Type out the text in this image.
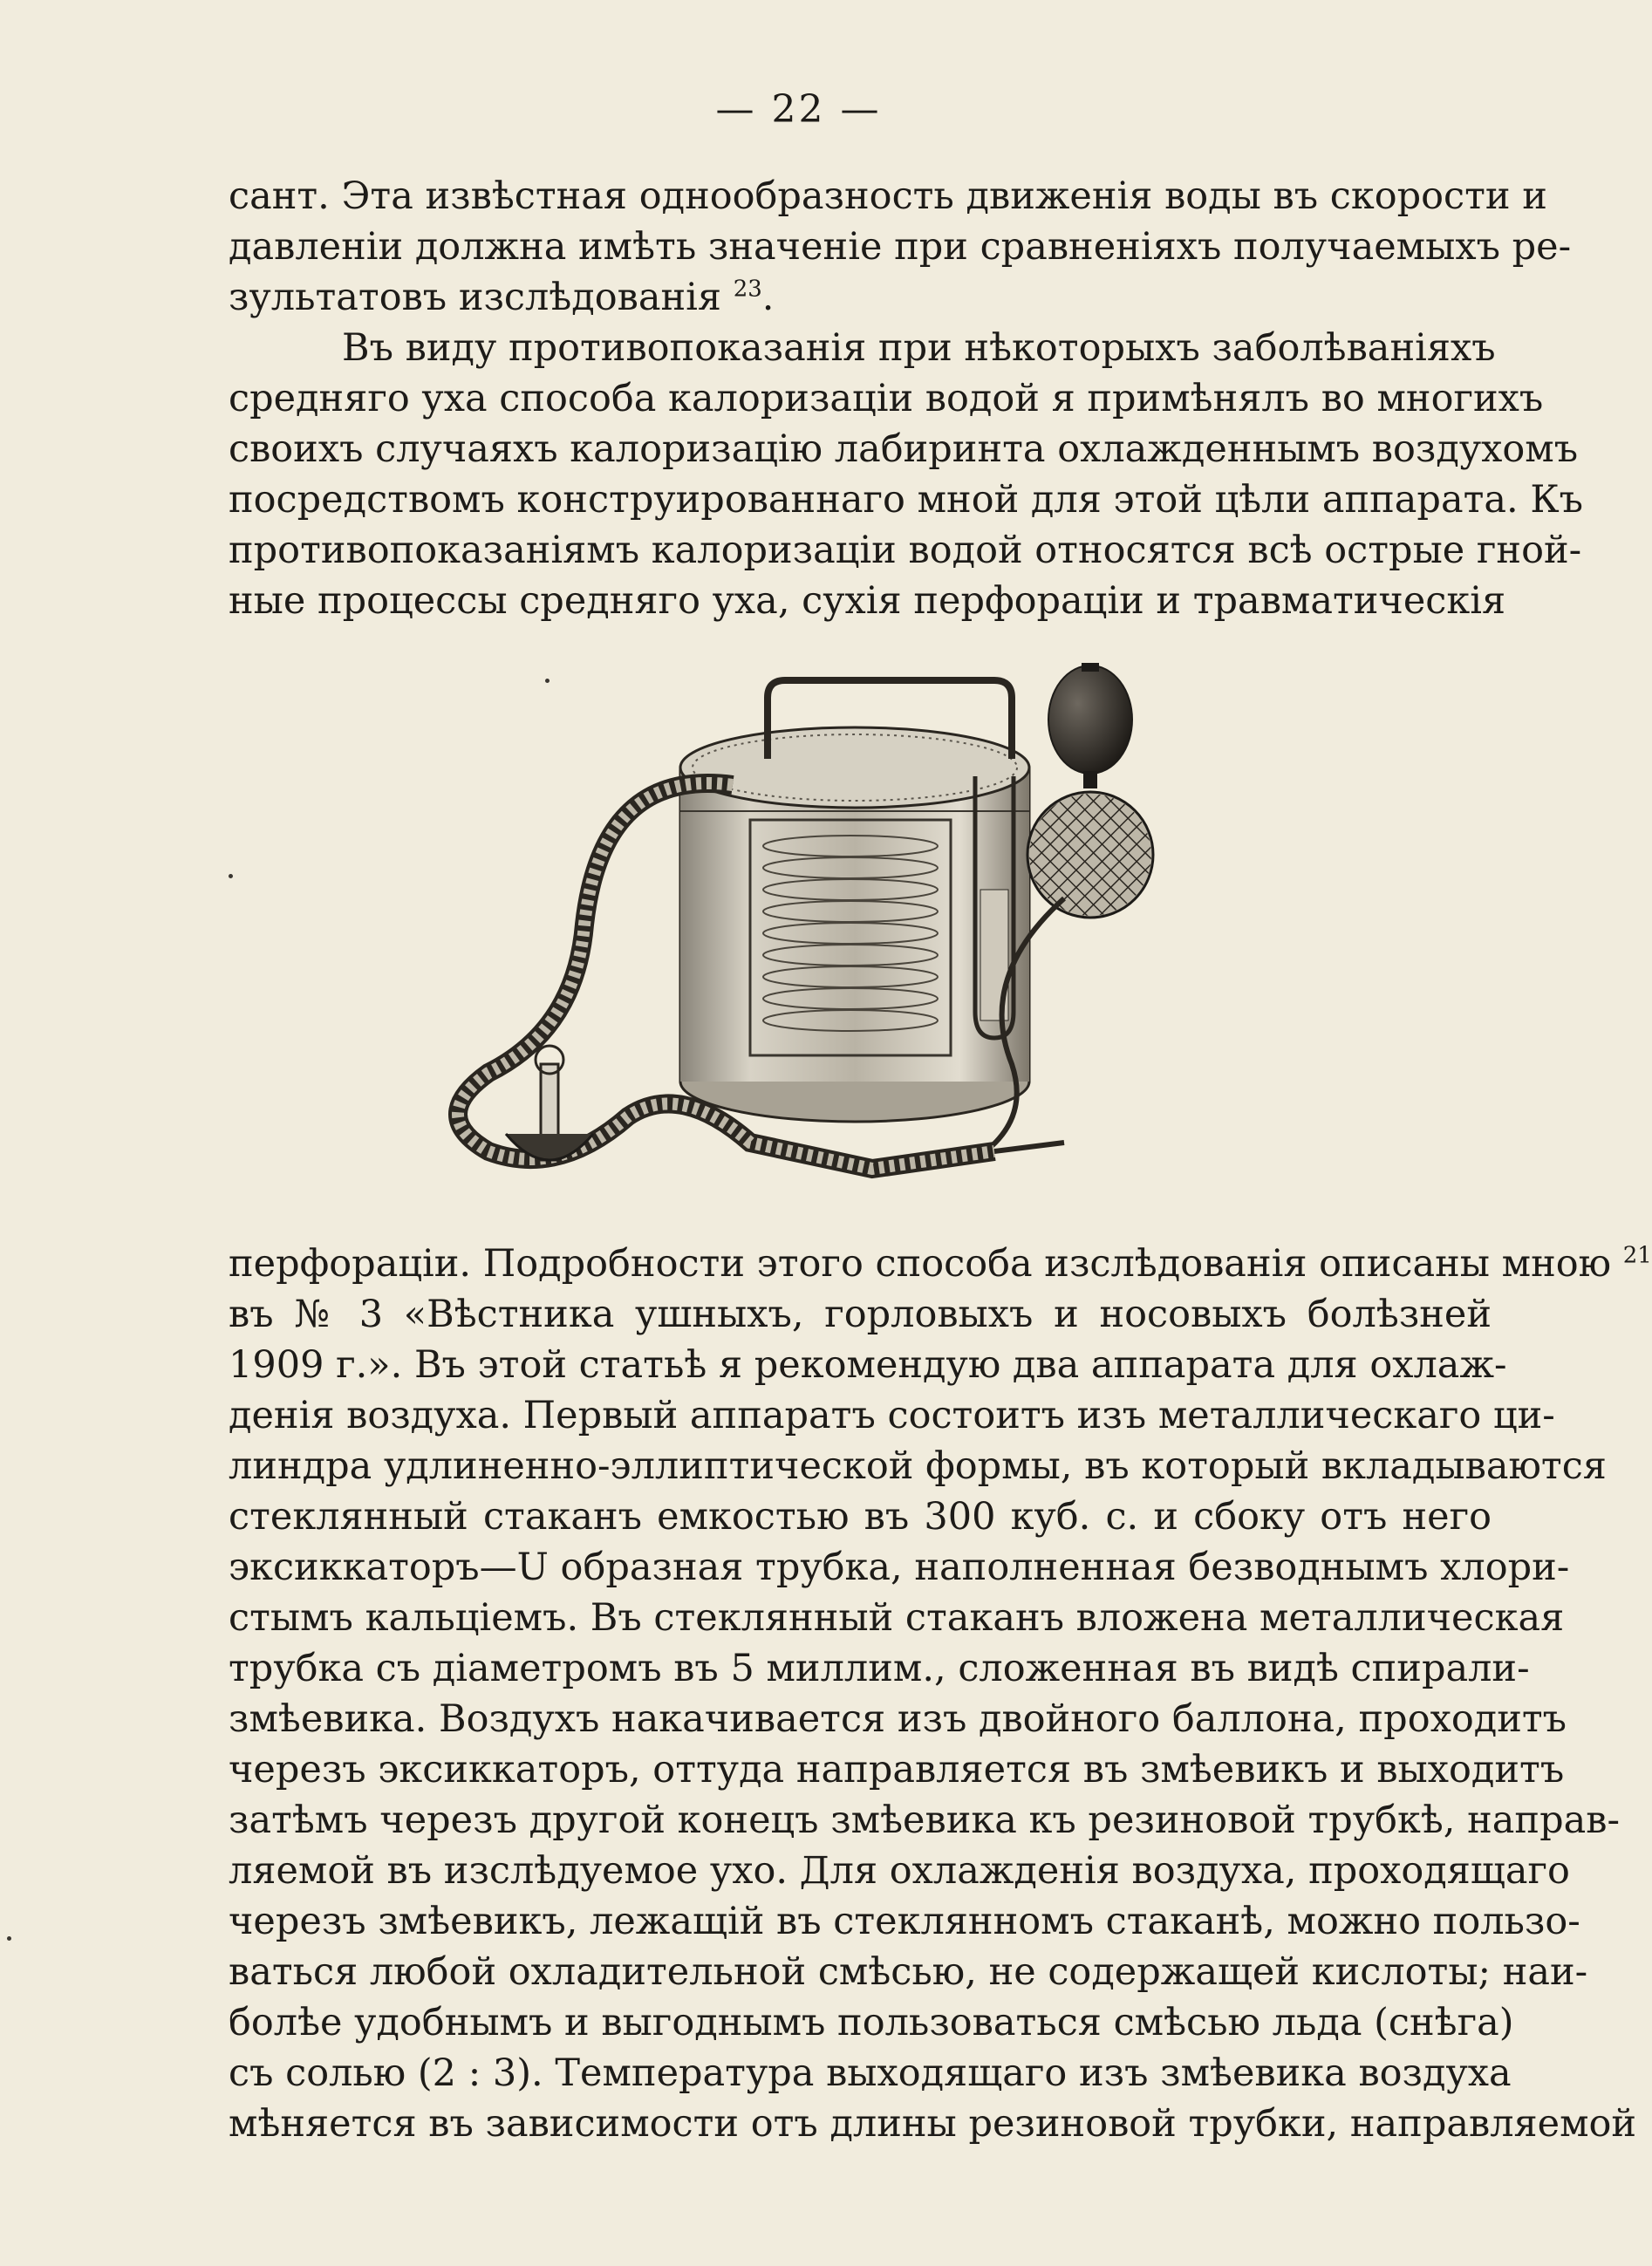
— 22 —
сант. Эта извѣстная однообразность движенія воды въ скорости и
давленіи должна имѣть значеніе при сравненіяхъ получаемыхъ ре-
зультатовъ изслѣдованія $^{23}$.
Въ виду противопоказанія при нѣкоторыхъ заболѣваніяхъ
средняго уха способа калоризаціи водой я примѣнялъ во многихъ
своихъ случаяхъ калоризацію лабиринта охлажденнымъ воздухомъ
посредствомъ конструированнаго мной для этой цѣли аппарата. Къ
противопоказаніямъ калоризаціи водой относятся всѣ острые гной-
ные процессы средняго уха, сухія перфораціи и травматическія
перфораціи. Подробности этого способа изслѣдованія описаны мною $^{21}$
въ № 3 «Вѣстника ушныхъ, горловыхъ и носовыхъ болѣзней
1909 г.». Въ этой статьѣ я рекомендую два аппарата для охлаж-
денія воздуха. Первый аппаратъ состоитъ изъ металлическаго ци-
линдра удлиненно-эллиптической формы, въ который вкладываются
стеклянный стаканъ емкостью въ 300 куб. с. и сбоку отъ него
эксиккаторъ—U образная трубка, наполненная безводнымъ хлори-
стымъ кальціемъ. Въ стеклянный стаканъ вложена металлическая
трубка съ діаметромъ въ 5 миллим., сложенная въ видѣ спирали-
змѣевика. Воздухъ накачивается изъ двойного баллона, проходитъ
черезъ эксиккаторъ, оттуда направляется въ змѣевикъ и выходитъ
затѣмъ черезъ другой конецъ змѣевика къ резиновой трубкѣ, направ-
ляемой въ изслѣдуемое ухо. Для охлажденія воздуха, проходящаго
черезъ змѣевикъ, лежащій въ стеклянномъ стаканѣ, можно пользо-
ваться любой охладительной смѣсью, не содержащей кислоты; наи-
болѣе удобнымъ и выгоднымъ пользоваться смѣсью льда (снѣга)
съ солью (2 : 3). Температура выходящаго изъ змѣевика воздуха
мѣняется въ зависимости отъ длины резиновой трубки, направляемой
